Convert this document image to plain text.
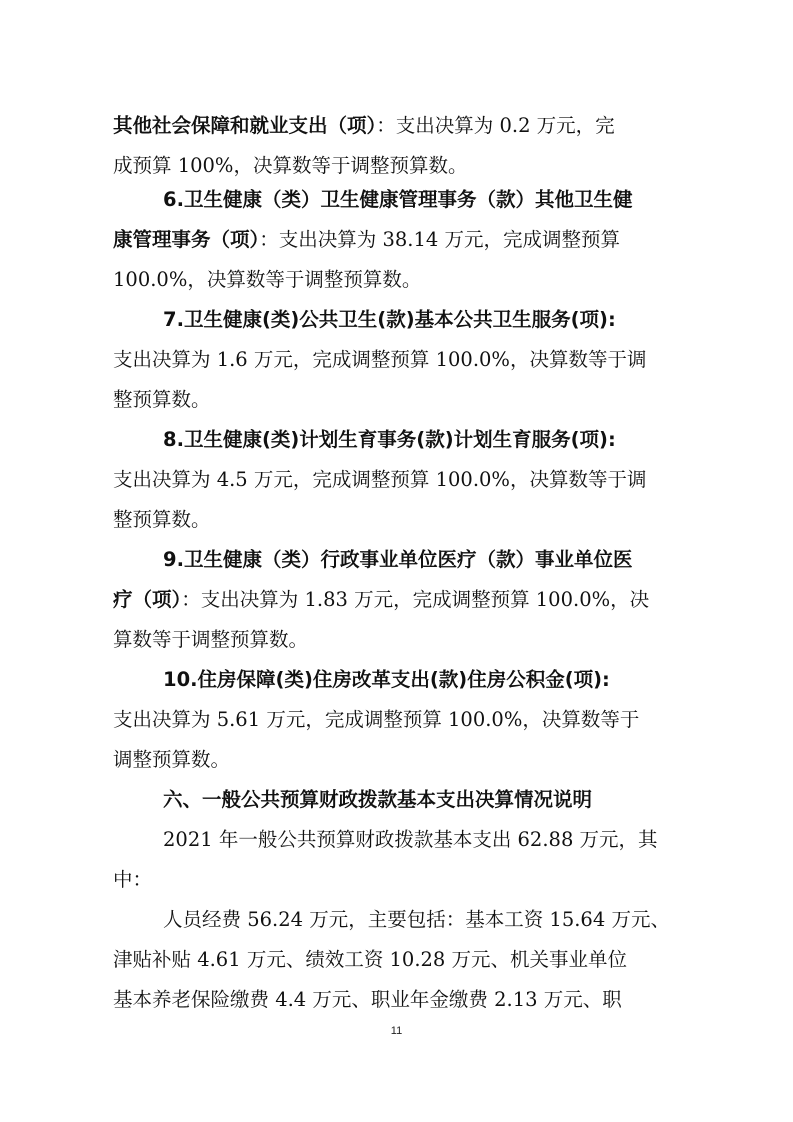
其他社会保障和就业支出（项）：支出决算为 0.2 万元，完
成预算 100%，决算数等于调整预算数。
6.卫生健康（类）卫生健康管理事务（款）其他卫生健
康管理事务（项）：支出决算为 38.14 万元，完成调整预算
100.0%，决算数等于调整预算数。
7.卫生健康(类)公共卫生(款)基本公共卫生服务(项):
支出决算为 1.6 万元，完成调整预算 100.0%，决算数等于调
整预算数。
8.卫生健康(类)计划生育事务(款)计划生育服务(项):
支出决算为 4.5 万元，完成调整预算 100.0%，决算数等于调
整预算数。
9.卫生健康（类）行政事业单位医疗（款）事业单位医
疗（项）：支出决算为 1.83 万元，完成调整预算 100.0%，决
算数等于调整预算数。
10.住房保障(类)住房改革支出(款)住房公积金(项):
支出决算为 5.61 万元，完成调整预算 100.0%，决算数等于
调整预算数。
六、一般公共预算财政拨款基本支出决算情况说明
2021 年一般公共预算财政拨款基本支出 62.88 万元，其
中：
人员经费 56.24 万元，主要包括：基本工资 15.64 万元、
津贴补贴 4.61 万元、绩效工资 10.28 万元、机关事业单位
基本养老保险缴费 4.4 万元、职业年金缴费 2.13 万元、职
11
